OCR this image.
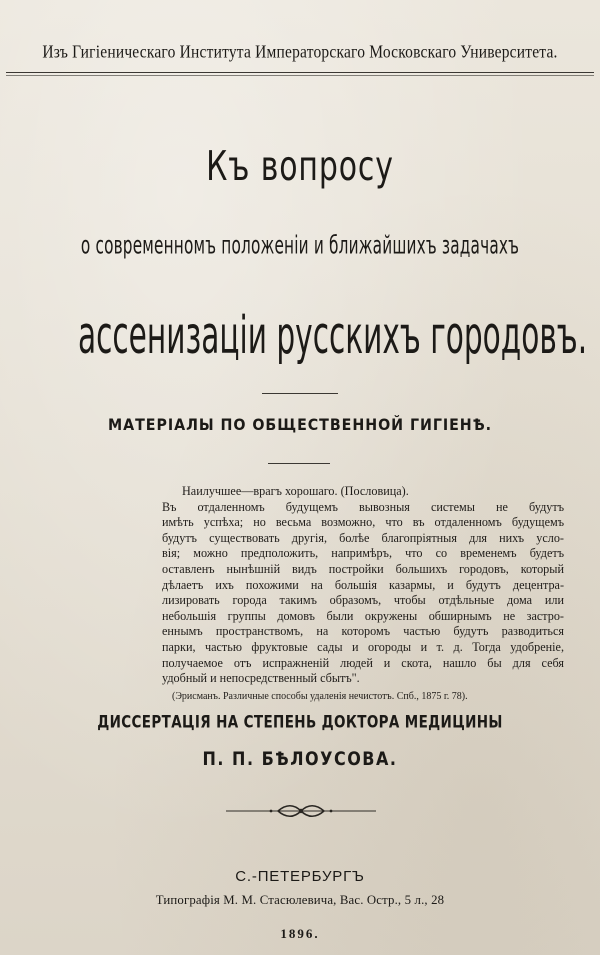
Изъ Гигіеническаго Института Императорскаго Московскаго Университета.
Къ вопросу
о современномъ положеніи и ближайшихъ задачахъ
ассенизаціи русскихъ городовъ.
МАТЕРІАЛЫ ПО ОБЩЕСТВЕННОЙ ГИГІЕНѢ.
Наилучшее—врагъ хорошаго. (Пословица).
Въ отдаленномъ будущемъ вывозныя системы не будутъ
имѣть успѣха; но весьма возможно, что въ отдаленномъ будущемъ
будутъ существовать другія, болѣе благопріятныя для нихъ усло-
вія; можно предположить, напримѣръ, что со временемъ будетъ
оставленъ нынѣшній видъ постройки большихъ городовъ, который
дѣлаетъ ихъ похожими на большія казармы, и будутъ децентра-
лизировать города такимъ образомъ, чтобы отдѣльные дома или
небольшія группы домовъ были окружены обширнымъ не застро-
еннымъ пространствомъ, на которомъ частью будутъ разводиться
парки, частью фруктовые сады и огороды и т. д. Тогда удобреніе,
получаемое отъ испражненій людей и скота, нашло бы для себя
удобный и непосредственный сбытъ".
(Эрисманъ. Различные способы удаленія нечистотъ. Спб., 1875 г. 78).
ДИССЕРТАЦІЯ НА СТЕПЕНЬ ДОКТОРА МЕДИЦИНЫ
П. П. БѢЛОУСОВА.
С.-ПЕТЕРБУРГЪ
Типографія М. М. Стасюлевича, Вас. Остр., 5 л., 28
1896.
